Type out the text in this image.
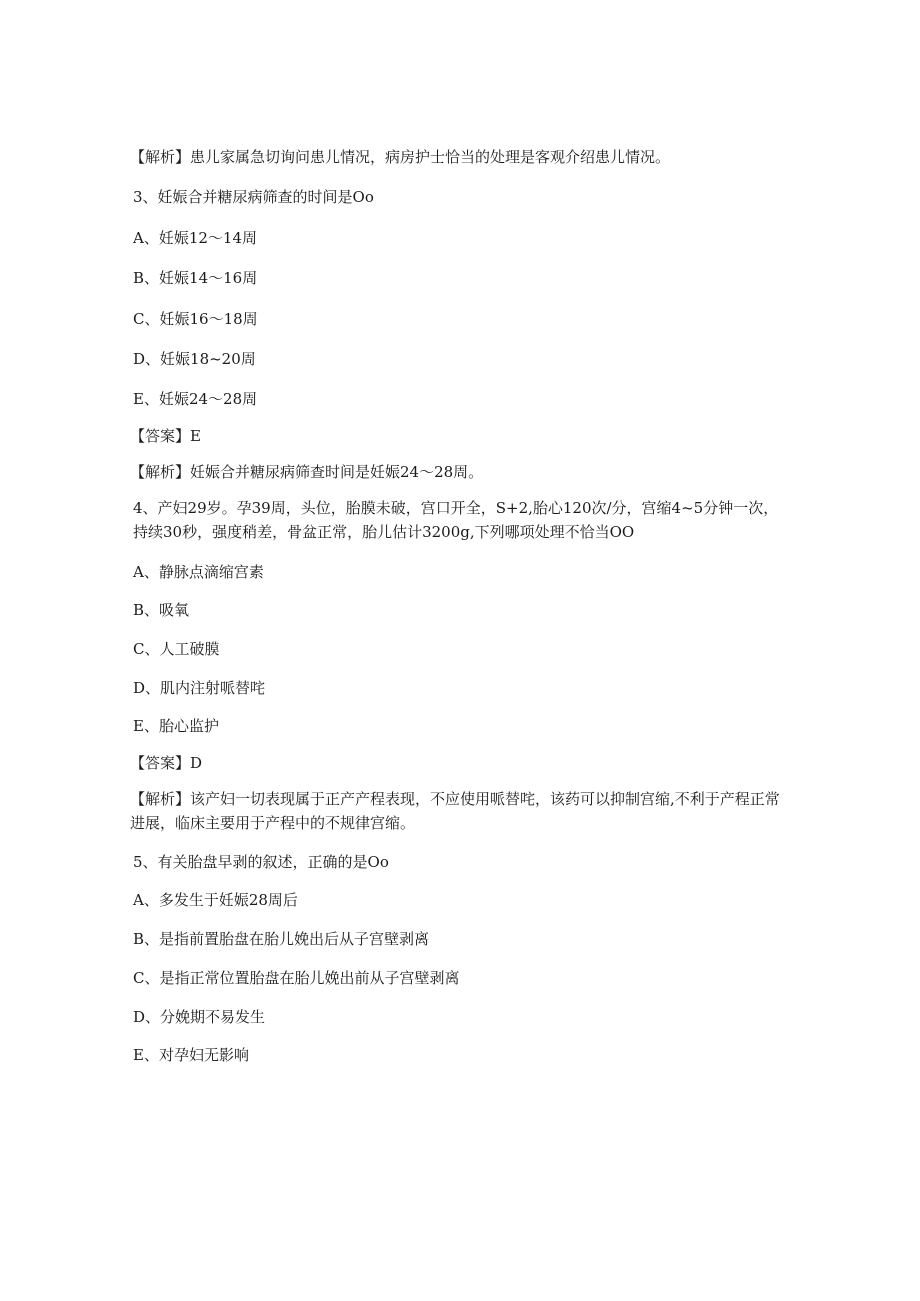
【解析】患儿家属急切询问患儿情况，病房护士恰当的处理是客观介绍患儿情况。
3、妊娠合并糖尿病筛查的时间是Oo
A、妊娠12～14周
B、妊娠14～16周
C、妊娠16～18周
D、妊娠18~20周
E、妊娠24～28周
【答案】E
【解析】妊娠合并糖尿病筛查时间是妊娠24～28周。
4、产妇29岁。孕39周，头位，胎膜未破，宫口开全，S+2,胎心120次/分，宫缩4~5分钟一次，持续30秒，强度稍差，骨盆正常，胎儿估计3200g,下列哪项处理不恰当OO
A、静脉点滴缩宫素
B、吸氧
C、人工破膜
D、肌内注射哌替咤
E、胎心监护
【答案】D
【解析】该产妇一切表现属于正产产程表现，不应使用哌替咤，该药可以抑制宫缩,不利于产程正常进展，临床主要用于产程中的不规律宫缩。
5、有关胎盘早剥的叙述，正确的是Oo
A、多发生于妊娠28周后
B、是指前置胎盘在胎儿娩出后从子宫壁剥离
C、是指正常位置胎盘在胎儿娩出前从子宫壁剥离
D、分娩期不易发生
E、对孕妇无影响
